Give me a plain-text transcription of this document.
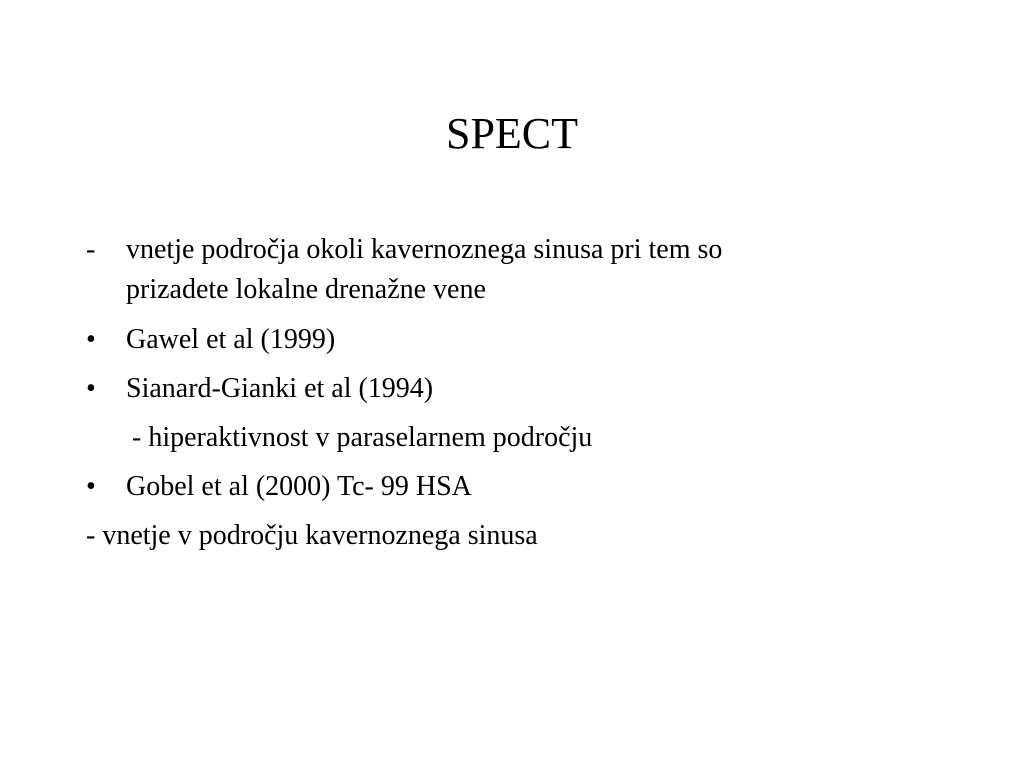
SPECT
-	vnetje področja okoli kavernoznega sinusa pri tem so
prizadete lokalne drenažne vene
•	Gawel et al (1999)
•	Sianard-Gianki et al (1994)
- hiperaktivnost v paraselarnem področju
•	Gobel et al (2000) Tc- 99 HSA
- vnetje v področju kavernoznega sinusa
